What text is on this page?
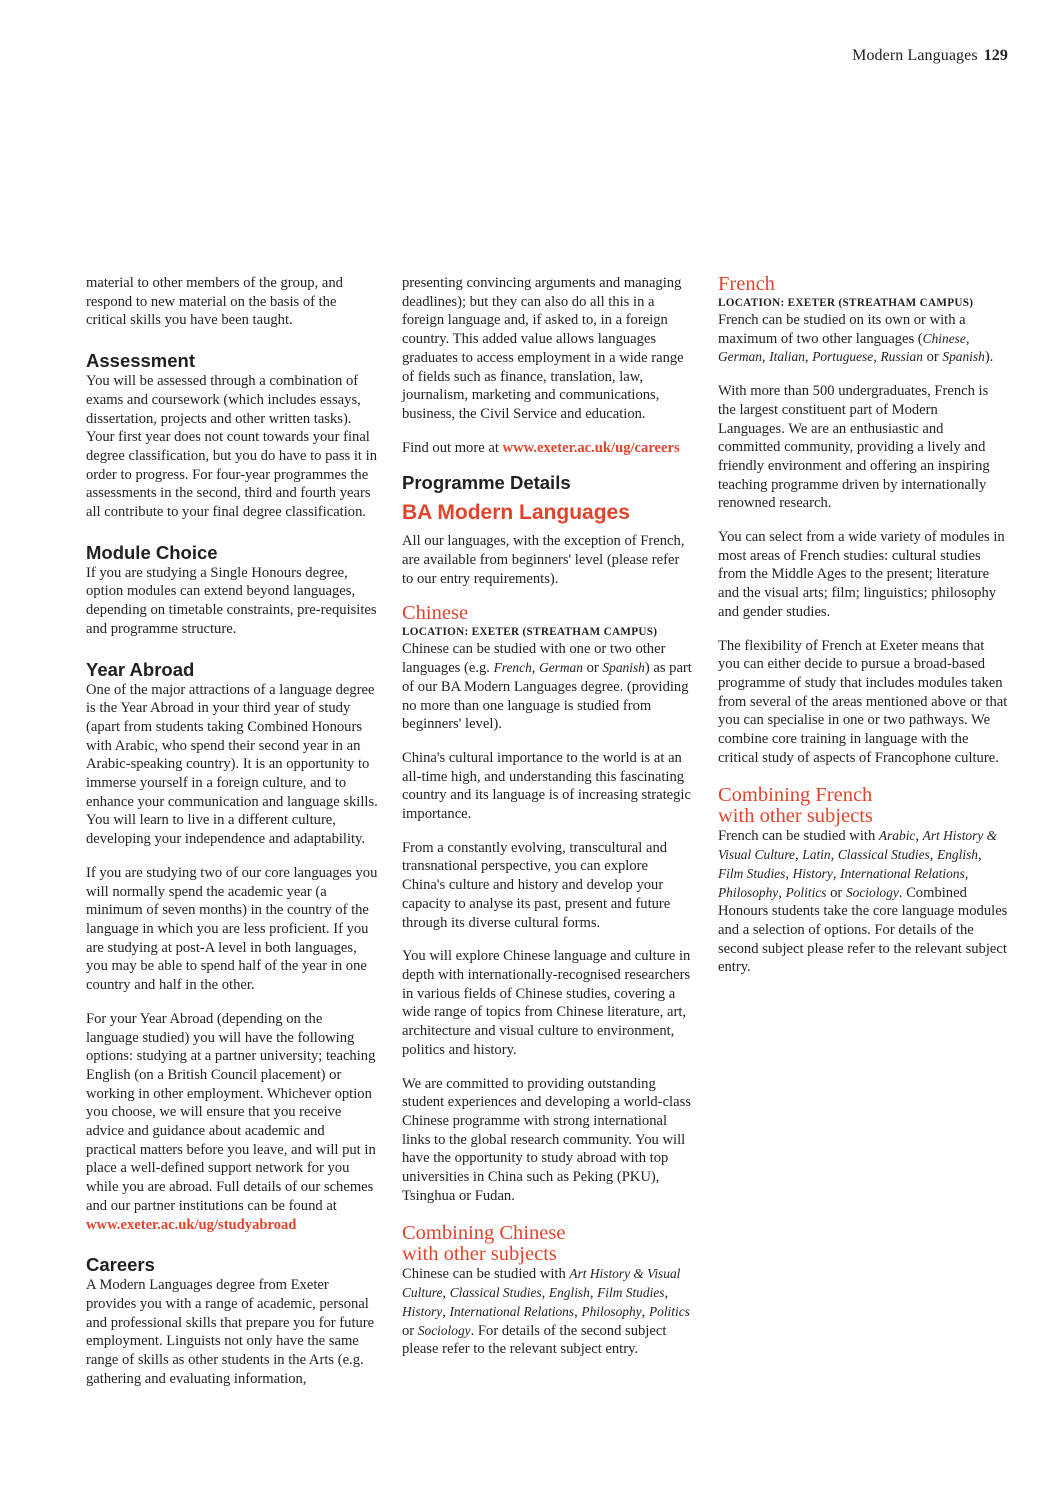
Modern Languages 129

material to other members of the group, and respond to new material on the basis of the critical skills you have been taught.

Assessment

You will be assessed through a combination of exams and coursework (which includes essays, dissertation, projects and other written tasks). Your first year does not count towards your final degree classification, but you do have to pass it in order to progress. For four-year programmes the assessments in the second, third and fourth years all contribute to your final degree classification.

Module Choice

If you are studying a Single Honours degree, option modules can extend beyond languages, depending on timetable constraints, pre-requisites and programme structure.

Year Abroad

One of the major attractions of a language degree is the Year Abroad in your third year of study (apart from students taking Combined Honours with Arabic, who spend their second year in an Arabic-speaking country). It is an opportunity to immerse yourself in a foreign culture, and to enhance your communication and language skills. You will learn to live in a different culture, developing your independence and adaptability.

If you are studying two of our core languages you will normally spend the academic year (a minimum of seven months) in the country of the language in which you are less proficient. If you are studying at post-A level in both languages, you may be able to spend half of the year in one country and half in the other.

For your Year Abroad (depending on the language studied) you will have the following options: studying at a partner university; teaching English (on a British Council placement) or working in other employment. Whichever option you choose, we will ensure that you receive advice and guidance about academic and practical matters before you leave, and will put in place a well-defined support network for you while you are abroad. Full details of our schemes and our partner institutions can be found at www.exeter.ac.uk/ug/studyabroad

Careers

A Modern Languages degree from Exeter provides you with a range of academic, personal and professional skills that prepare you for future employment. Linguists not only have the same range of skills as other students in the Arts (e.g. gathering and evaluating information,

presenting convincing arguments and managing deadlines); but they can also do all this in a foreign language and, if asked to, in a foreign country. This added value allows languages graduates to access employment in a wide range of fields such as finance, translation, law, journalism, marketing and communications, business, the Civil Service and education.

Find out more at www.exeter.ac.uk/ug/careers

Programme Details
BA Modern Languages

All our languages, with the exception of French, are available from beginners' level (please refer to our entry requirements).

Chinese
LOCATION: EXETER (STREATHAM CAMPUS)

Chinese can be studied with one or two other languages (e.g. French, German or Spanish) as part of our BA Modern Languages degree. (providing no more than one language is studied from beginners' level).

China's cultural importance to the world is at an all-time high, and understanding this fascinating country and its language is of increasing strategic importance.

From a constantly evolving, transcultural and transnational perspective, you can explore China's culture and history and develop your capacity to analyse its past, present and future through its diverse cultural forms.

You will explore Chinese language and culture in depth with internationally-recognised researchers in various fields of Chinese studies, covering a wide range of topics from Chinese literature, art, architecture and visual culture to environment, politics and history.

We are committed to providing outstanding student experiences and developing a world-class Chinese programme with strong international links to the global research community. You will have the opportunity to study abroad with top universities in China such as Peking (PKU), Tsinghua or Fudan.

Combining Chinese
with other subjects

Chinese can be studied with Art History & Visual Culture, Classical Studies, English, Film Studies, History, International Relations, Philosophy, Politics or Sociology. For details of the second subject please refer to the relevant subject entry.

French
LOCATION: EXETER (STREATHAM CAMPUS)

French can be studied on its own or with a maximum of two other languages (Chinese, German, Italian, Portuguese, Russian or Spanish).

With more than 500 undergraduates, French is the largest constituent part of Modern Languages. We are an enthusiastic and committed community, providing a lively and friendly environment and offering an inspiring teaching programme driven by internationally renowned research.

You can select from a wide variety of modules in most areas of French studies: cultural studies from the Middle Ages to the present; literature and the visual arts; film; linguistics; philosophy and gender studies.

The flexibility of French at Exeter means that you can either decide to pursue a broad-based programme of study that includes modules taken from several of the areas mentioned above or that you can specialise in one or two pathways. We combine core training in language with the critical study of aspects of Francophone culture.

Combining French
with other subjects

French can be studied with Arabic, Art History & Visual Culture, Latin, Classical Studies, English, Film Studies, History, International Relations, Philosophy, Politics or Sociology. Combined Honours students take the core language modules and a selection of options. For details of the second subject please refer to the relevant subject entry.
